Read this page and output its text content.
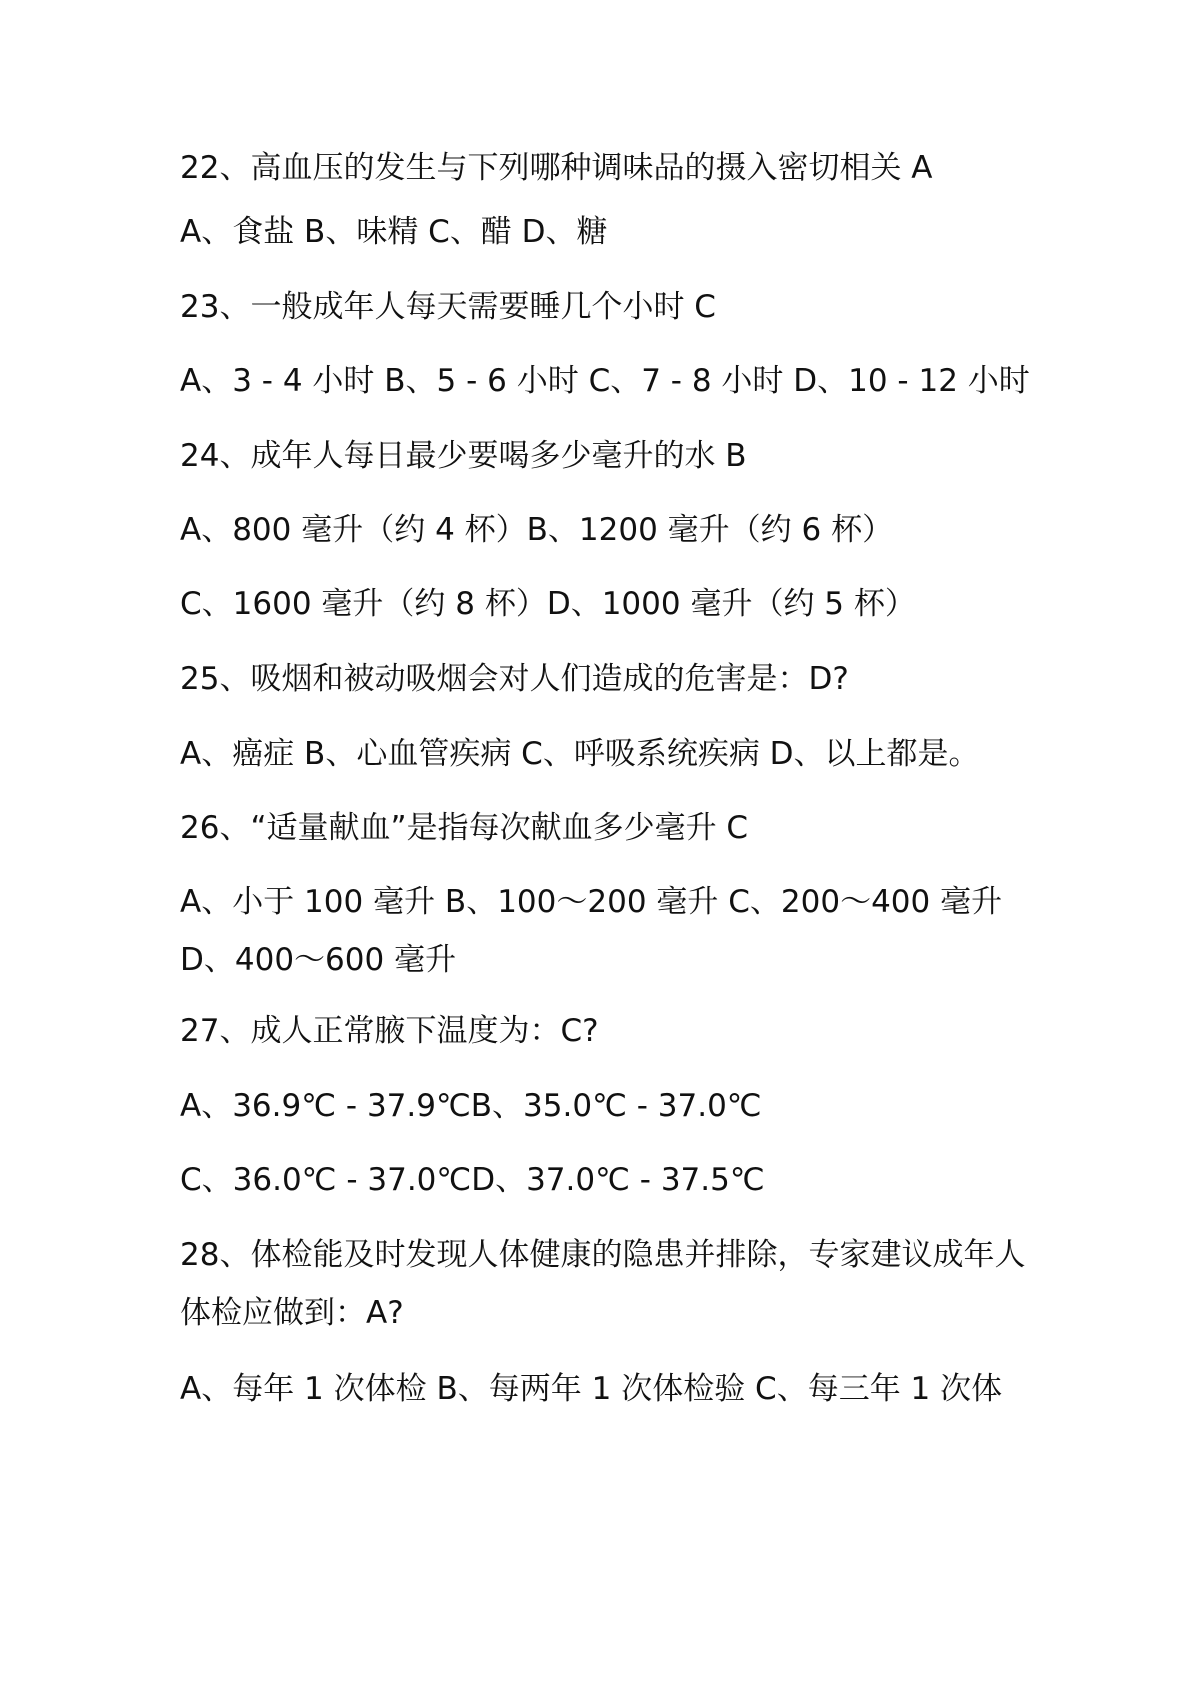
22、高血压的发生与下列哪种调味品的摄入密切相关 A
A、食盐 B、味精 C、醋 D、糖
23、一般成年人每天需要睡几个小时 C
A、3 - 4 小时 B、5 - 6 小时 C、7 - 8 小时 D、10 - 12 小时
24、成年人每日最少要喝多少毫升的水 B
A、800 毫升（约 4 杯）B、1200 毫升（约 6 杯）
C、1600 毫升（约 8 杯）D、1000 毫升（约 5 杯）
25、吸烟和被动吸烟会对人们造成的危害是：D?
A、癌症 B、心血管疾病 C、呼吸系统疾病 D、以上都是。
26、“适量献血”是指每次献血多少毫升 C
A、小于 100 毫升 B、100～200 毫升 C、200～400 毫升 D、400～600 毫升
27、成人正常腋下温度为：C?
A、36.9℃ - 37.9℃B、35.0℃ - 37.0℃
C、36.0℃ - 37.0℃D、37.0℃ - 37.5℃
28、体检能及时发现人体健康的隐患并排除，专家建议成年人体检应做到：A?
A、每年 1 次体检 B、每两年 1 次体检验 C、每三年 1 次体
